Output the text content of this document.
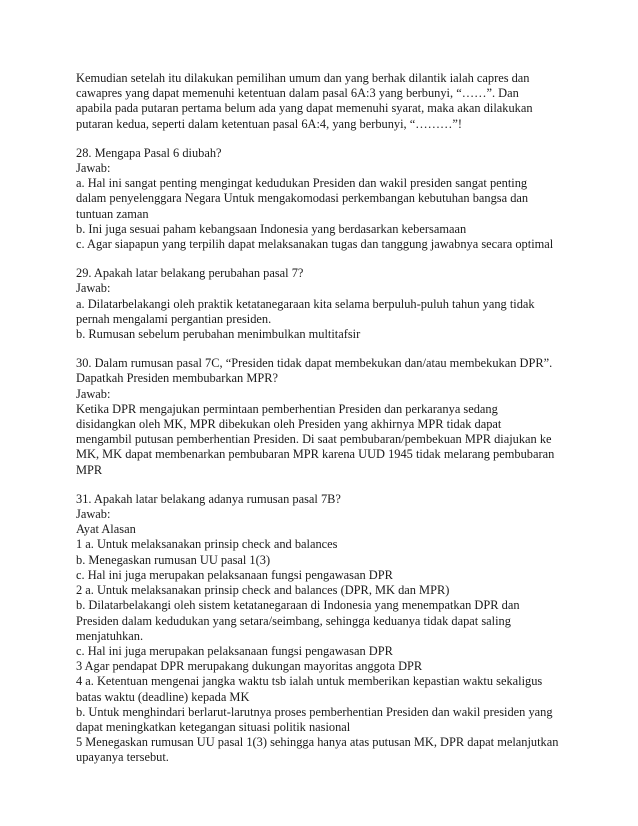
Kemudian setelah itu dilakukan pemilihan umum dan yang berhak dilantik ialah capres dan
cawapres yang dapat memenuhi ketentuan dalam pasal 6A:3 yang berbunyi, “……”. Dan
apabila pada putaran pertama belum ada yang dapat memenuhi syarat, maka akan dilakukan
putaran kedua, seperti dalam ketentuan pasal 6A:4, yang berbunyi, “………”!
28. Mengapa Pasal 6 diubah?
Jawab:
a. Hal ini sangat penting mengingat kedudukan Presiden dan wakil presiden sangat penting
dalam penyelenggara Negara Untuk mengakomodasi perkembangan kebutuhan bangsa dan
tuntuan zaman
b. Ini juga sesuai paham kebangsaan Indonesia yang berdasarkan kebersamaan
c. Agar siapapun yang terpilih dapat melaksanakan tugas dan tanggung jawabnya secara optimal
29. Apakah latar belakang perubahan pasal 7?
Jawab:
a. Dilatarbelakangi oleh praktik ketatanegaraan kita selama berpuluh-puluh tahun yang tidak
pernah mengalami pergantian presiden.
b. Rumusan sebelum perubahan menimbulkan multitafsir
30. Dalam rumusan pasal 7C, “Presiden tidak dapat membekukan dan/atau membekukan DPR”.
Dapatkah Presiden membubarkan MPR?
Jawab:
Ketika DPR mengajukan permintaan pemberhentian Presiden dan perkaranya sedang
disidangkan oleh MK, MPR dibekukan oleh Presiden yang akhirnya MPR tidak dapat
mengambil putusan pemberhentian Presiden. Di saat pembubaran/pembekuan MPR diajukan ke
MK, MK dapat membenarkan pembubaran MPR karena UUD 1945 tidak melarang pembubaran
MPR
31. Apakah latar belakang adanya rumusan pasal 7B?
Jawab:
Ayat Alasan
1 a. Untuk melaksanakan prinsip check and balances
b. Menegaskan rumusan UU pasal 1(3)
c. Hal ini juga merupakan pelaksanaan fungsi pengawasan DPR
2 a. Untuk melaksanakan prinsip check and balances (DPR, MK dan MPR)
b. Dilatarbelakangi oleh sistem ketatanegaraan di Indonesia yang menempatkan DPR dan
Presiden dalam kedudukan yang setara/seimbang, sehingga keduanya tidak dapat saling
menjatuhkan.
c. Hal ini juga merupakan pelaksanaan fungsi pengawasan DPR
3 Agar pendapat DPR merupakang dukungan mayoritas anggota DPR
4 a. Ketentuan mengenai jangka waktu tsb ialah untuk memberikan kepastian waktu sekaligus
batas waktu (deadline) kepada MK
b. Untuk menghindari berlarut-larutnya proses pemberhentian Presiden dan wakil presiden yang
dapat meningkatkan ketegangan situasi politik nasional
5 Menegaskan rumusan UU pasal 1(3) sehingga hanya atas putusan MK, DPR dapat melanjutkan
upayanya tersebut.
